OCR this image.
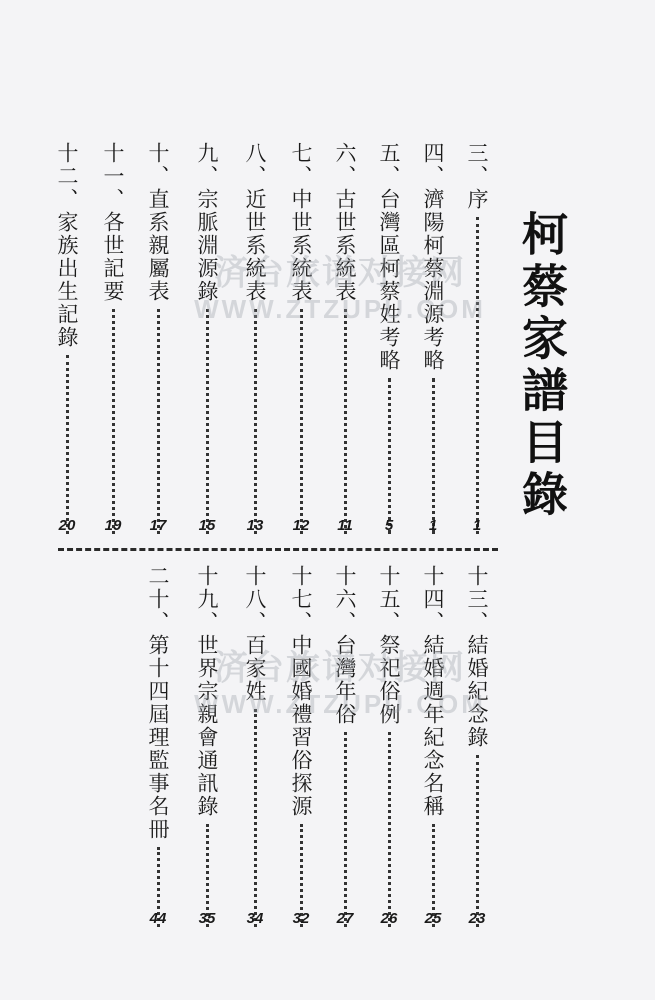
柯蔡家譜目錄
三、序
1
四、濟陽柯蔡淵源考略
1
五、台灣區柯蔡姓考略
5
六、古世系統表
11
七、中世系統表
12
八、近世系統表
13
九、宗脈淵源錄
15
十、直系親屬表
17
十一、各世記要
19
十二、家族出生記錄
20
十三、結婚紀念錄
23
十四、結婚週年紀念名稱
25
十五、祭祀俗例
26
十六、台灣年俗
27
十七、中國婚禮習俗探源
32
十八、百家姓
34
十九、世界宗親會通訊錄
35
二十、第十四屆理監事名冊
44
済台旅谱对接网
WWW.ZTZUPU.COM
済台旅谱对接网
WWW.ZTZUPU.COM
